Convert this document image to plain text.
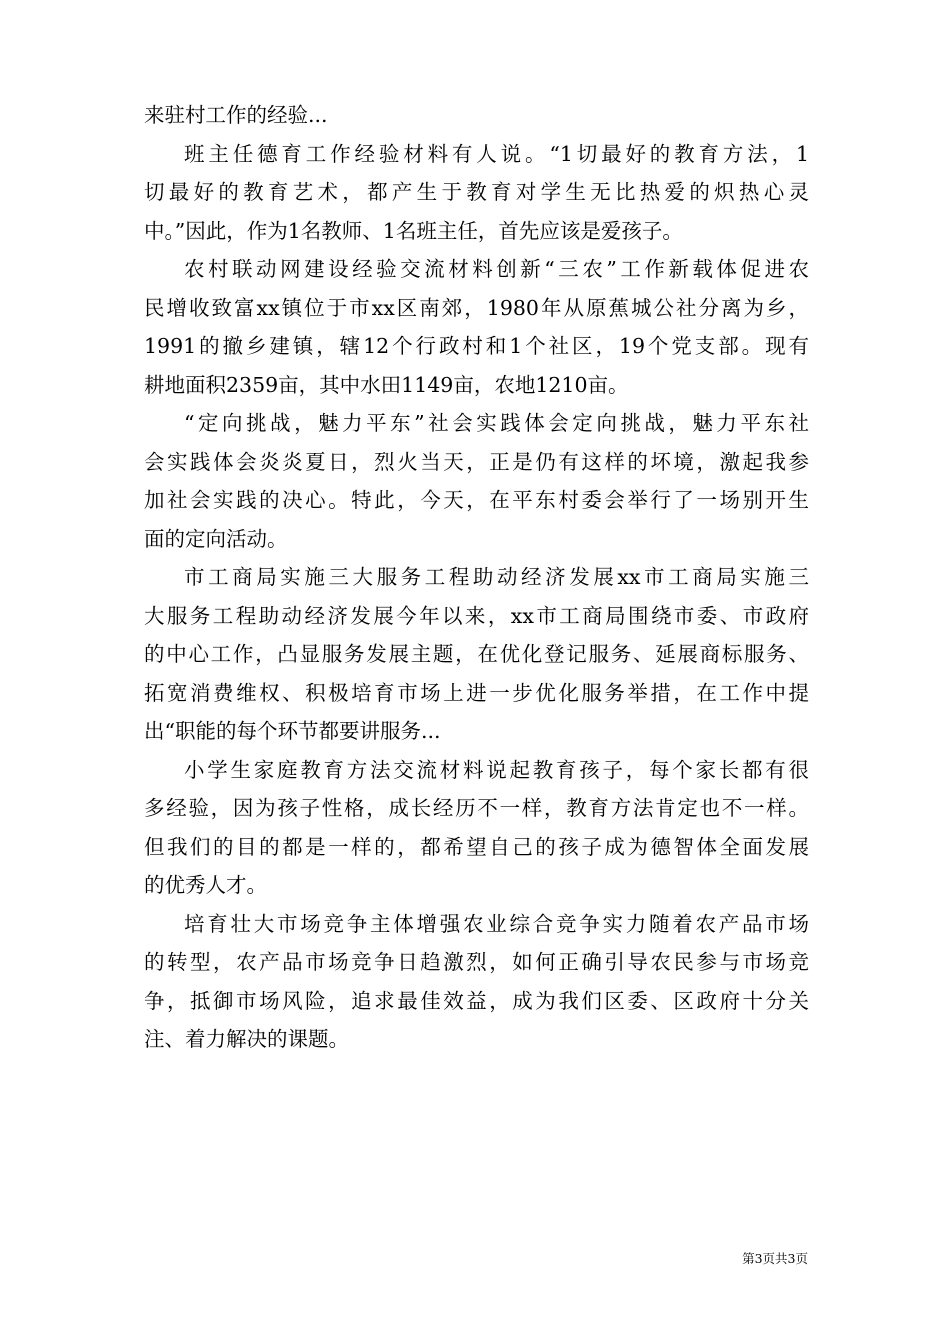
来驻村工作的经验...
班主任德育工作经验材料有人说。“1切最好的教育方法，1
切最好的教育艺术，都产生于教育对学生无比热爱的炽热心灵
中。”因此，作为1名教师、1名班主任，首先应该是爱孩子。
农村联动网建设经验交流材料创新“三农”工作新载体促进农
民增收致富xx镇位于市xx区南郊，1980年从原蕉城公社分离为乡，
1991的撤乡建镇，辖12个行政村和1个社区，19个党支部。现有
耕地面积2359亩，其中水田1149亩，农地1210亩。
“定向挑战，魅力平东”社会实践体会定向挑战，魅力平东社
会实践体会炎炎夏日，烈火当天，正是仍有这样的坏境，激起我参
加社会实践的决心。特此，今天，在平东村委会举行了一场别开生
面的定向活动。
市工商局实施三大服务工程助动经济发展xx市工商局实施三
大服务工程助动经济发展今年以来，xx市工商局围绕市委、市政府
的中心工作，凸显服务发展主题，在优化登记服务、延展商标服务、
拓宽消费维权、积极培育市场上进一步优化服务举措，在工作中提
出“职能的每个环节都要讲服务...
小学生家庭教育方法交流材料说起教育孩子，每个家长都有很
多经验，因为孩子性格，成长经历不一样，教育方法肯定也不一样。
但我们的目的都是一样的，都希望自己的孩子成为德智体全面发展
的优秀人才。
培育壮大市场竞争主体增强农业综合竞争实力随着农产品市场
的转型，农产品市场竞争日趋激烈，如何正确引导农民参与市场竞
争，抵御市场风险，追求最佳效益，成为我们区委、区政府十分关
注、着力解决的课题。
第3页共3页
